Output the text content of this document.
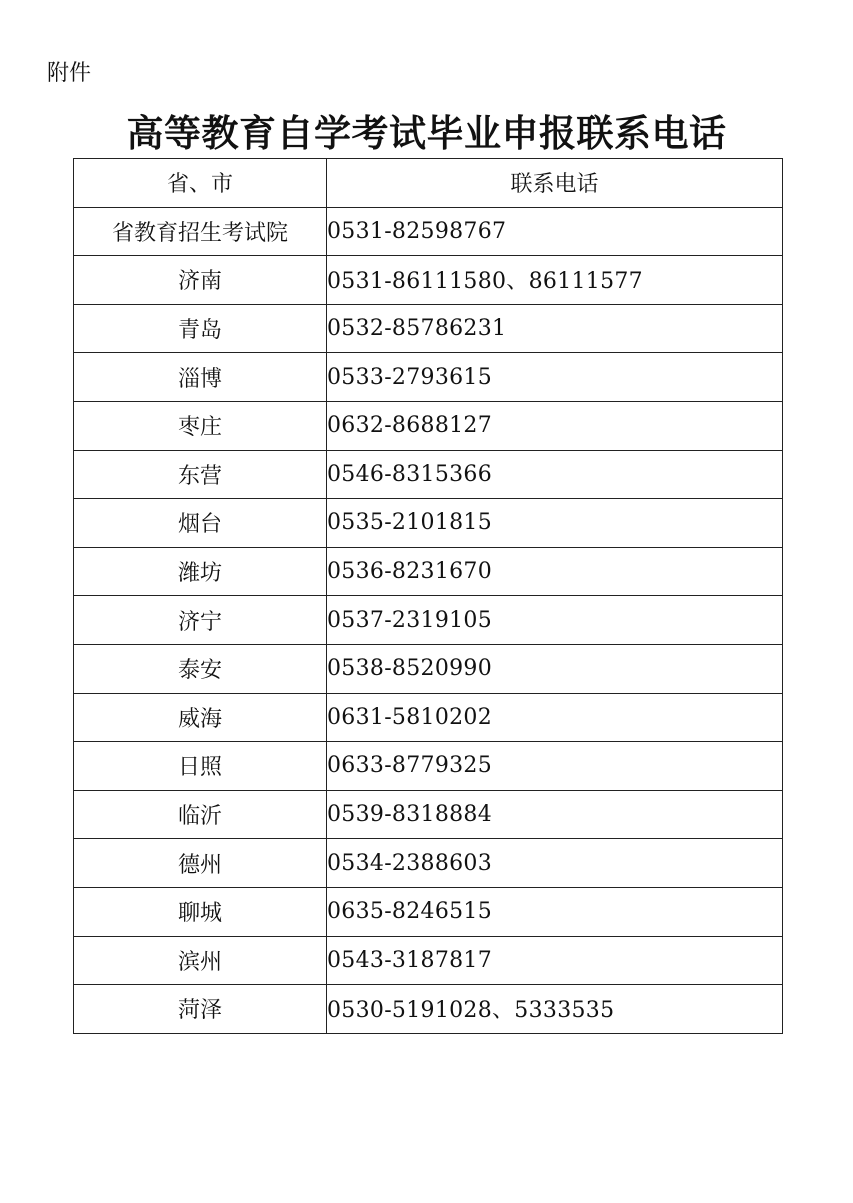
附件

高等教育自学考试毕业申报联系电话
省、市	联系电话
省教育招生考试院	0531-82598767
济南	0531-86111580、86111577
青岛	0532-85786231
淄博	0533-2793615
枣庄	0632-8688127
东营	0546-8315366
烟台	0535-2101815
潍坊	0536-8231670
济宁	0537-2319105
泰安	0538-8520990
威海	0631-5810202
日照	0633-8779325
临沂	0539-8318884
德州	0534-2388603
聊城	0635-8246515
滨州	0543-3187817
菏泽	0530-5191028、5333535
